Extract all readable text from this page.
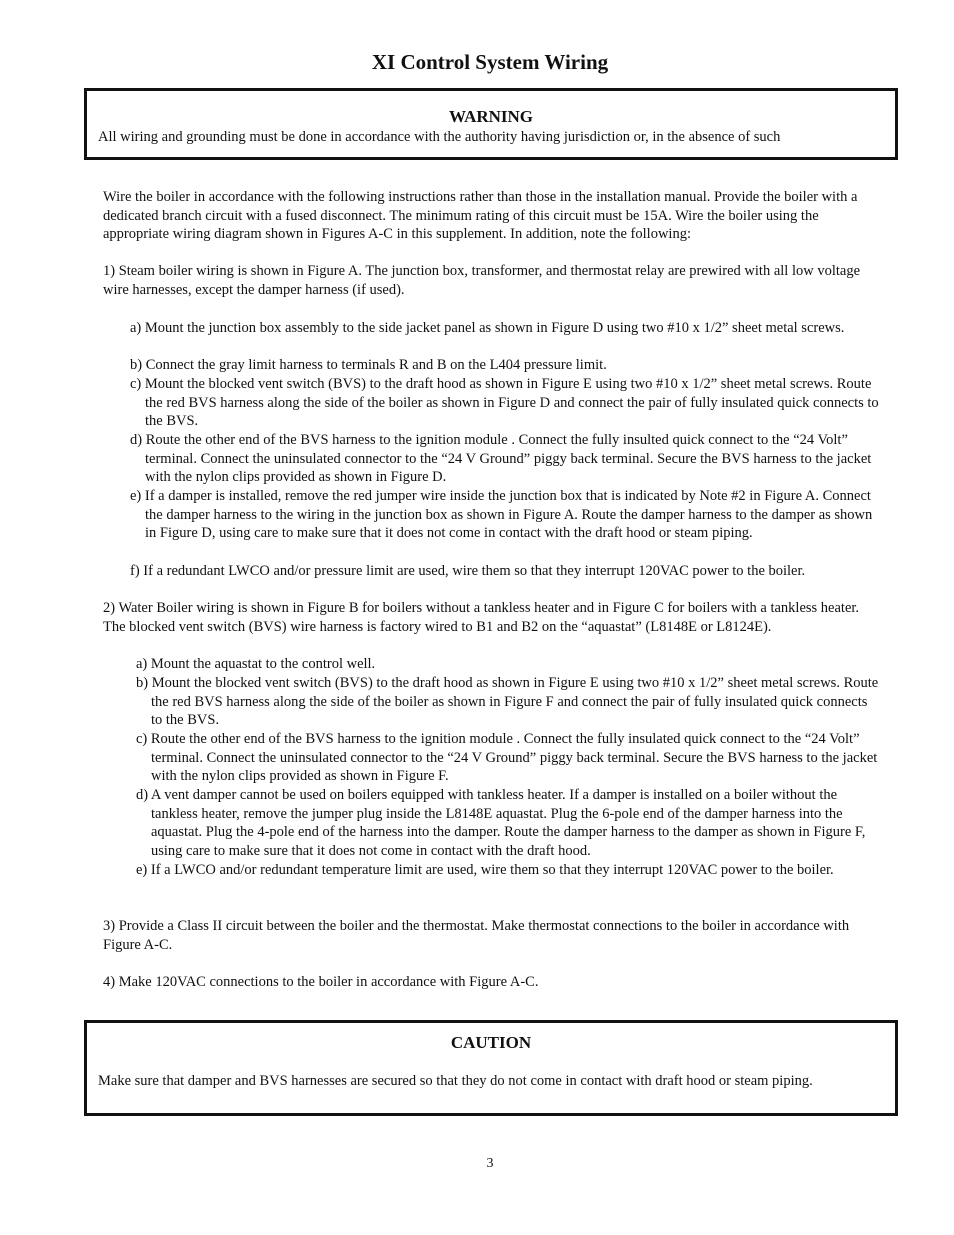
XI Control System Wiring
WARNING
All wiring and grounding must be done in accordance with the authority having jurisdiction or, in the absence of such
Wire the boiler in accordance with the following instructions rather than those in the installation manual. Provide the boiler with a dedicated branch circuit with a fused disconnect. The minimum rating of this circuit must be 15A. Wire the boiler using the appropriate wiring diagram shown in Figures A-C in this supplement. In addition, note the following:
1) Steam boiler wiring is shown in Figure A. The junction box, transformer, and thermostat relay are prewired with all low voltage wire harnesses, except the damper harness (if used).
a) Mount the junction box assembly to the side jacket panel as shown in Figure D using two #10 x 1/2” sheet metal screws.
b) Connect the gray limit harness to terminals R and B on the L404 pressure limit.
c) Mount the blocked vent switch (BVS) to the draft hood as shown in Figure E using two #10 x 1/2” sheet metal screws. Route the red BVS harness along the side of the boiler as shown in Figure D and connect the pair of fully insulated quick connects to the BVS.
d) Route the other end of the BVS harness to the ignition module . Connect the fully insulted quick connect to the “24 Volt” terminal. Connect the uninsulated connector to the “24 V Ground” piggy back terminal. Secure the BVS harness to the jacket with the nylon clips provided as shown in Figure D.
e) If a damper is installed, remove the red jumper wire inside the junction box that is indicated by Note #2 in Figure A. Connect the damper harness to the wiring in the junction box as shown in Figure A. Route the damper harness to the damper as shown in Figure D, using care to make sure that it does not come in contact with the draft hood or steam piping.
f) If a redundant LWCO and/or pressure limit are used, wire them so that they interrupt 120VAC power to the boiler.
2) Water Boiler wiring is shown in Figure B for boilers without a tankless heater and in Figure C for boilers with a tankless heater. The blocked vent switch (BVS) wire harness is factory wired to B1 and B2 on the “aquastat” (L8148E or L8124E).
a) Mount the aquastat to the control well.
b) Mount the blocked vent switch (BVS) to the draft hood as shown in Figure E using two #10 x 1/2” sheet metal screws. Route the red BVS harness along the side of the boiler as shown in Figure F and connect the pair of fully insulated quick connects to the BVS.
c) Route the other end of the BVS harness to the ignition module . Connect the fully insulated quick connect to the “24 Volt” terminal. Connect the uninsulated connector to the “24 V Ground” piggy back terminal. Secure the BVS harness to the jacket with the nylon clips provided as shown in Figure F.
d) A vent damper cannot be used on boilers equipped with tankless heater. If a damper is installed on a boiler without the tankless heater, remove the jumper plug inside the L8148E aquastat. Plug the 6-pole end of the damper harness into the aquastat. Plug the 4-pole end of the harness into the damper. Route the damper harness to the damper as shown in Figure F, using care to make sure that it does not come in contact with the draft hood.
e) If a LWCO and/or redundant temperature limit are used, wire them so that they interrupt 120VAC power to the boiler.
3) Provide a Class II circuit between the boiler and the thermostat. Make thermostat connections to the boiler in accordance with Figure A-C.
4) Make 120VAC connections to the boiler in accordance with Figure A-C.
CAUTION
Make sure that damper and BVS harnesses are secured so that they do not come in contact with draft hood or steam piping.
3
